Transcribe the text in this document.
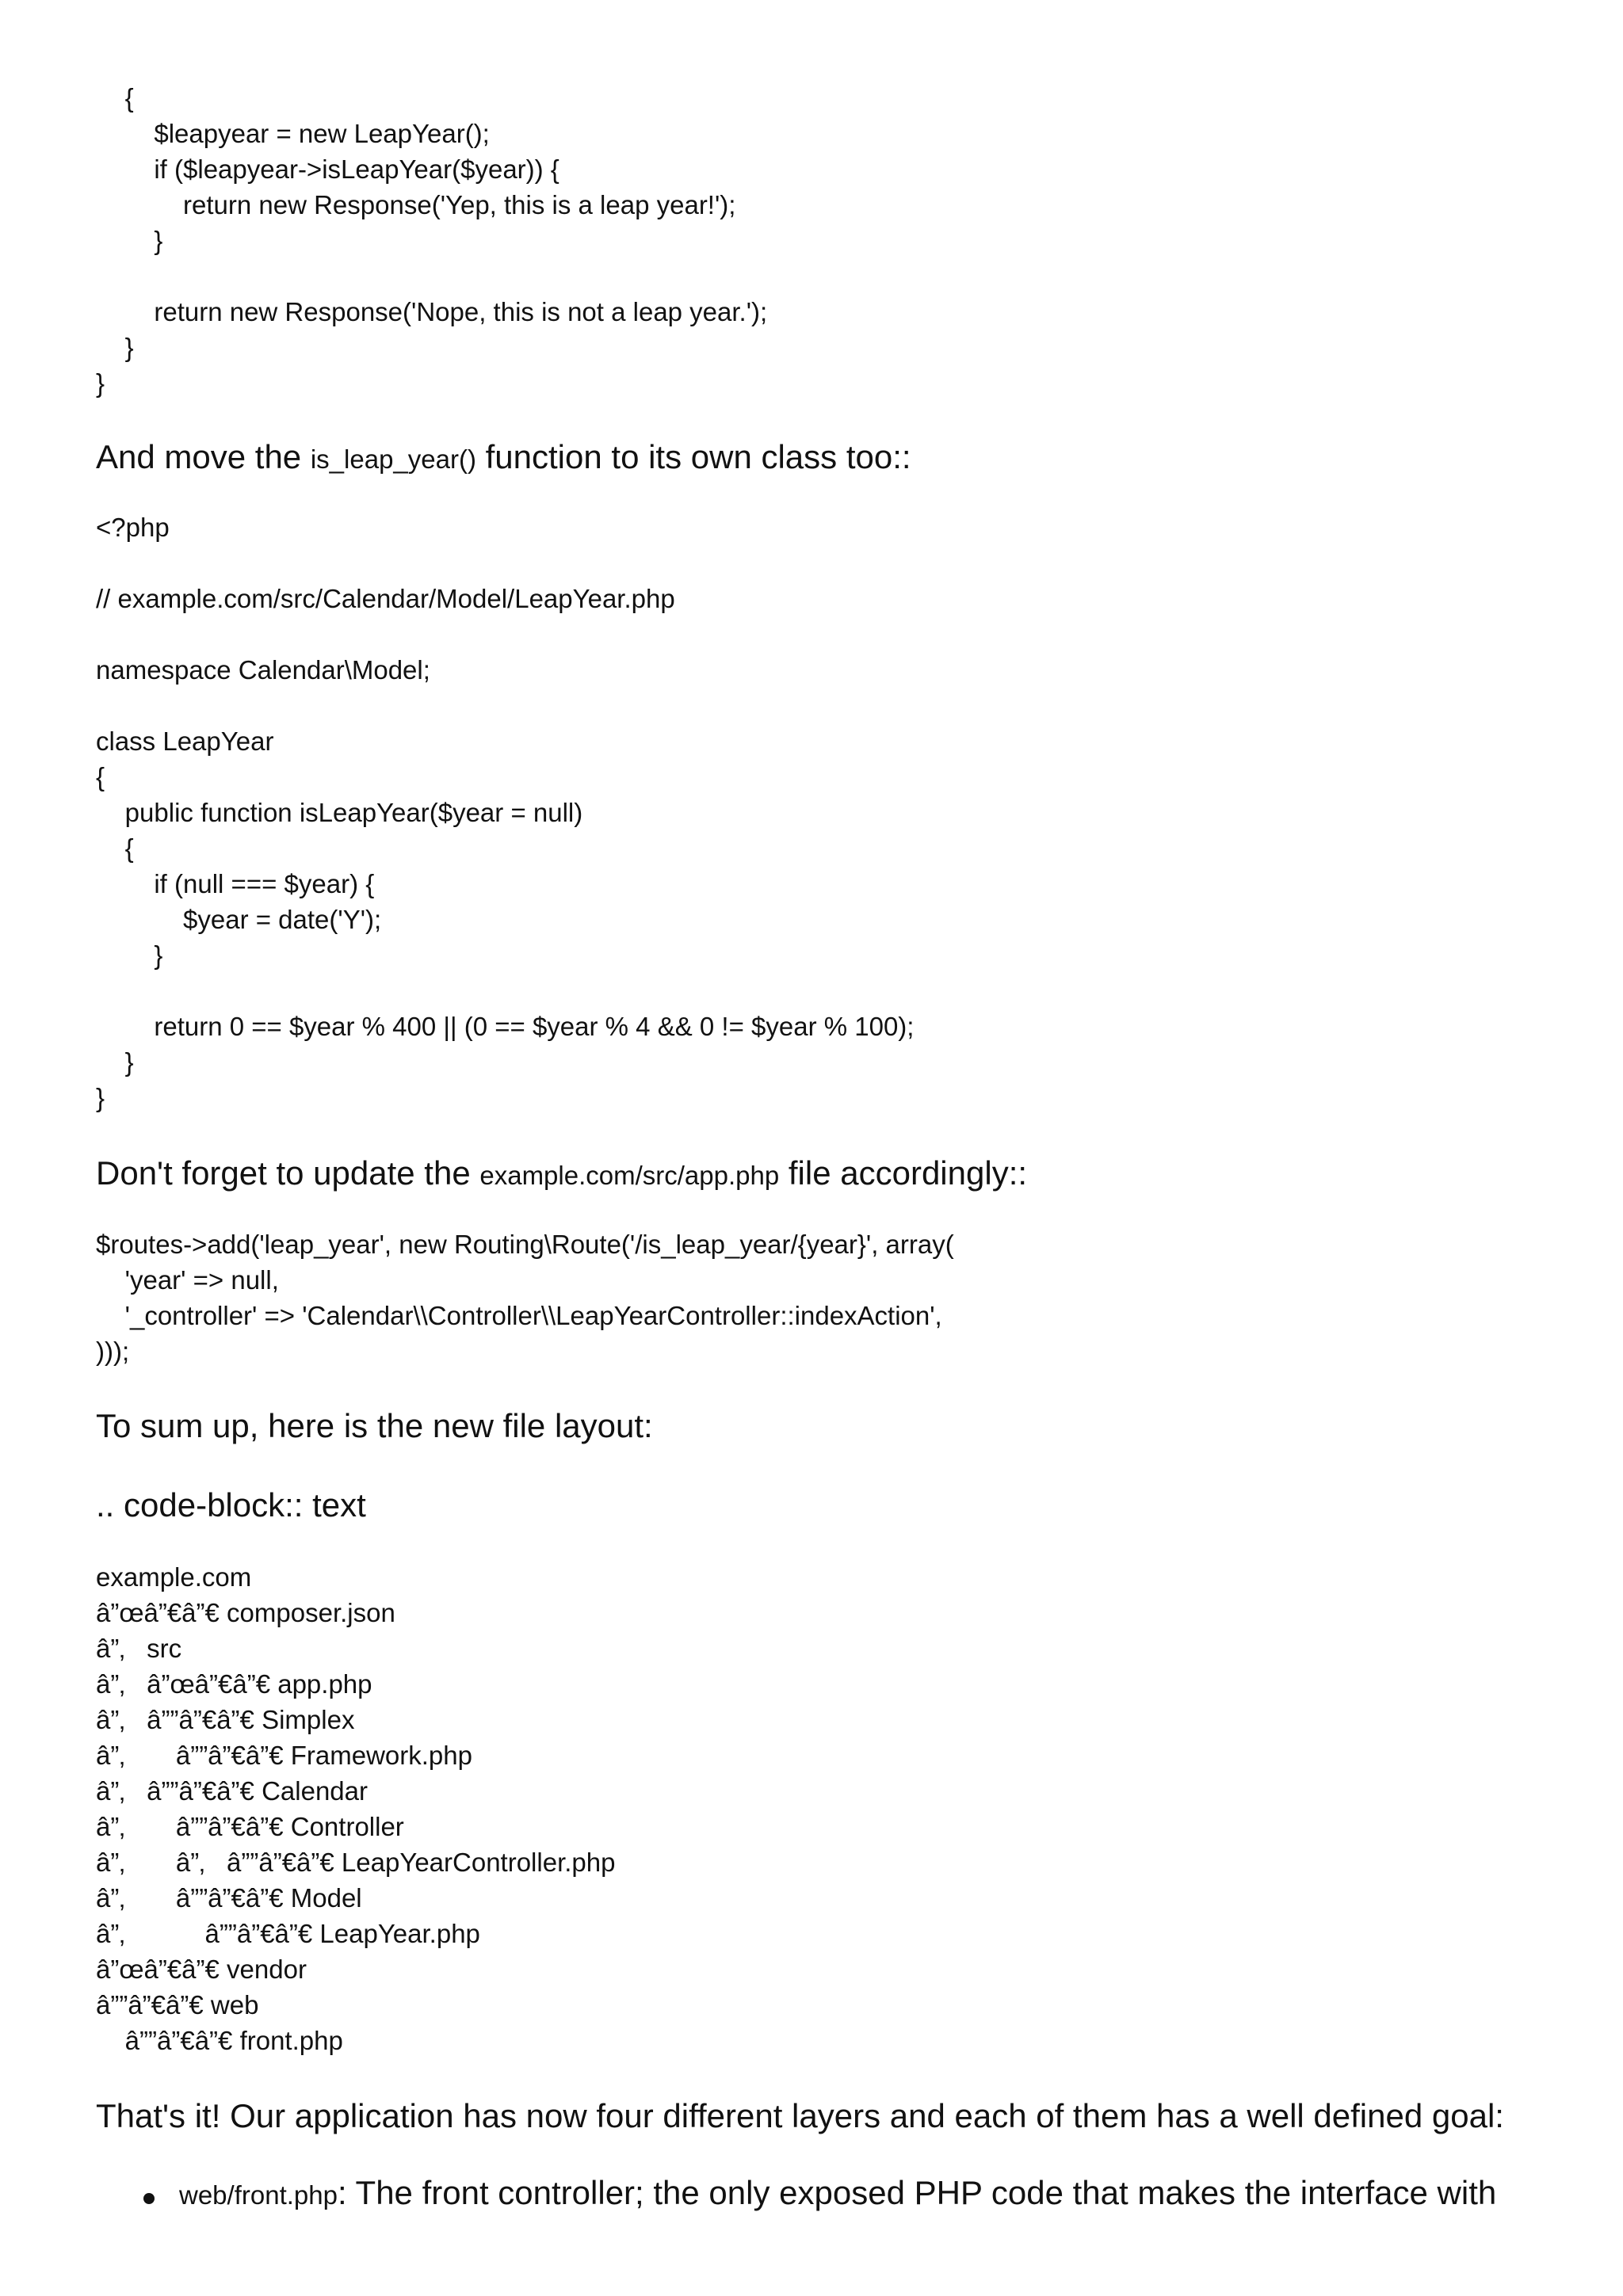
{
$leapyear = new LeapYear();
if ($leapyear->isLeapYear($year)) {
return new Response('Yep, this is a leap year!');
}
return new Response('Nope, this is not a leap year.');
}
}
And move the is_leap_year() function to its own class too::
<?php
// example.com/src/Calendar/Model/LeapYear.php
namespace Calendar\Model;
class LeapYear
{
public function isLeapYear($year = null)
{
if (null === $year) {
$year = date('Y');
}
return 0 == $year % 400 || (0 == $year % 4 && 0 != $year % 100);
}
}
Don't forget to update the example.com/src/app.php file accordingly::
$routes->add('leap_year', new Routing\Route('/is_leap_year/{year}', array(
'year' => null,
'_controller' => 'Calendar\\Controller\\LeapYearController::indexAction',
)));
To sum up, here is the new file layout:
.. code-block:: text
example.com
â”œâ”€â”€ composer.json
â”‚   src
â”‚   â”œâ”€â”€ app.php
â”‚   â””â”€â”€ Simplex
â”‚       â””â”€â”€ Framework.php
â”‚   â””â”€â”€ Calendar
â”‚       â””â”€â”€ Controller
â”‚       â”‚   â””â”€â”€ LeapYearController.php
â”‚       â””â”€â”€ Model
â”‚           â””â”€â”€ LeapYear.php
â”œâ”€â”€ vendor
â””â”€â”€ web
â””â”€â”€ front.php
That's it! Our application has now four different layers and each of them has a well defined goal:
web/front.php: The front controller; the only exposed PHP code that makes the interface with
